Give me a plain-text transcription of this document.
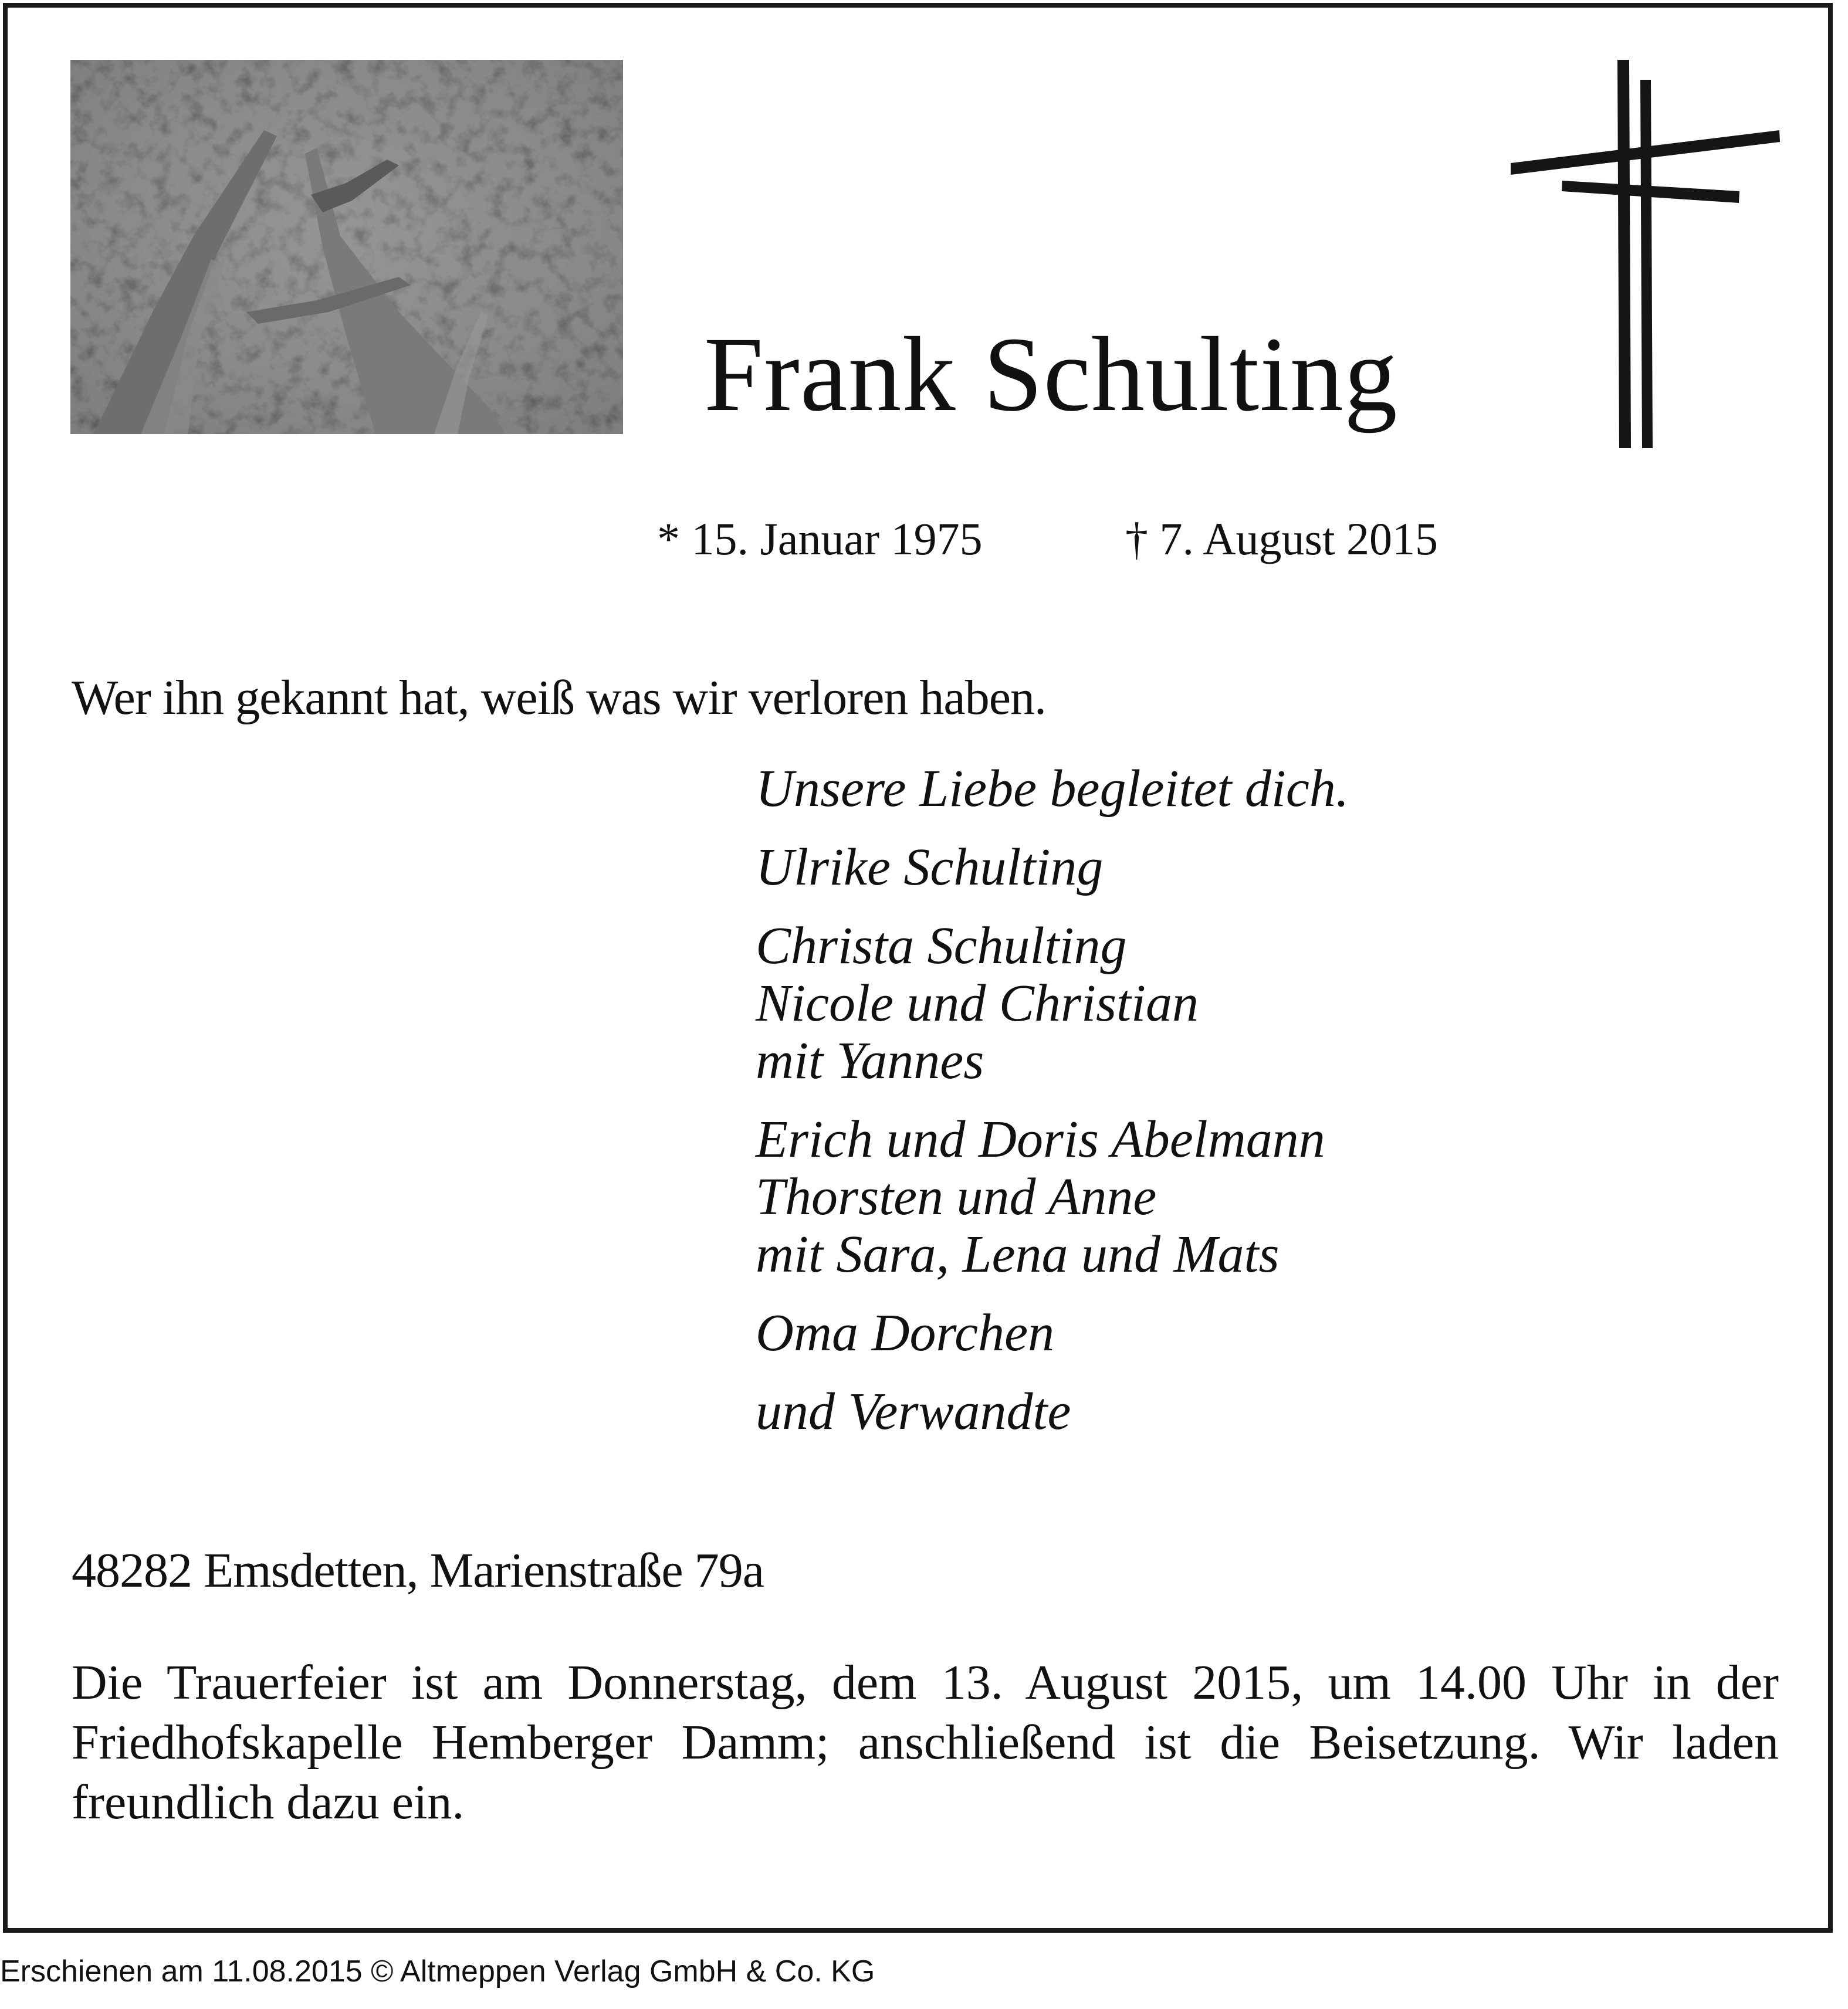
Frank Schulting
* 15. Januar 1975	† 7. August 2015
Wer ihn gekannt hat, weiß was wir verloren haben.
Unsere Liebe begleitet dich.
Ulrike Schulting
Christa Schulting
Nicole und Christian
mit Yannes
Erich und Doris Abelmann
Thorsten und Anne
mit Sara, Lena und Mats
Oma Dorchen
und Verwandte
48282 Emsdetten, Marienstraße 79a
Die Trauerfeier ist am Donnerstag, dem 13. August 2015, um 14.00 Uhr in der Friedhofskapelle Hemberger Damm; anschließend ist die Beisetzung. Wir laden freundlich dazu ein.
Erschienen am 11.08.2015 © Altmeppen Verlag GmbH & Co. KG
